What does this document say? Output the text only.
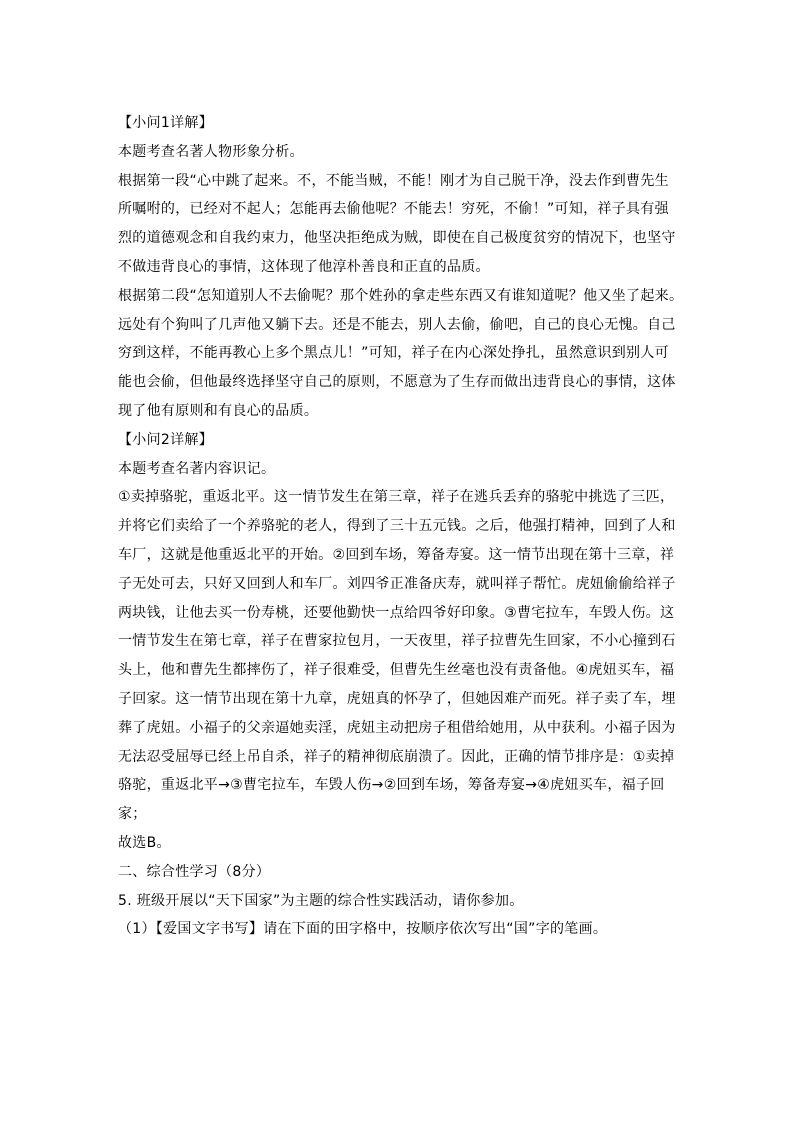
【小问1详解】
本题考查名著人物形象分析。
根据第一段“心中跳了起来。不，不能当贼，不能！刚才为自己脱干净，没去作到曹先生
所嘱咐的，已经对不起人；怎能再去偷他呢？不能去！穷死，不偷！”可知，祥子具有强
烈的道德观念和自我约束力，他坚决拒绝成为贼，即使在自己极度贫穷的情况下，也坚守
不做违背良心的事情，这体现了他淳朴善良和正直的品质。
根据第二段“怎知道别人不去偷呢？那个姓孙的拿走些东西又有谁知道呢？他又坐了起来。
远处有个狗叫了几声他又躺下去。还是不能去，别人去偷，偷吧，自己的良心无愧。自己
穷到这样，不能再教心上多个黑点儿！”可知，祥子在内心深处挣扎，虽然意识到别人可
能也会偷，但他最终选择坚守自己的原则，不愿意为了生存而做出违背良心的事情，这体
现了他有原则和有良心的品质。
【小问2详解】
本题考查名著内容识记。
①卖掉骆驼，重返北平。这一情节发生在第三章，祥子在逃兵丢弃的骆驼中挑选了三匹，
并将它们卖给了一个养骆驼的老人，得到了三十五元钱。之后，他强打精神，回到了人和
车厂，这就是他重返北平的开始。②回到车场，筹备寿宴。这一情节出现在第十三章，祥
子无处可去，只好又回到人和车厂。刘四爷正准备庆寿，就叫祥子帮忙。虎妞偷偷给祥子
两块钱，让他去买一份寿桃，还要他勤快一点给四爷好印象。③曹宅拉车，车毁人伤。这
一情节发生在第七章，祥子在曹家拉包月，一天夜里，祥子拉曹先生回家，不小心撞到石
头上，他和曹先生都摔伤了，祥子很难受，但曹先生丝毫也没有责备他。④虎妞买车，福
子回家。这一情节出现在第十九章，虎妞真的怀孕了，但她因难产而死。祥子卖了车，埋
葬了虎妞。小福子的父亲逼她卖淫，虎妞主动把房子租借给她用，从中获利。小福子因为
无法忍受屈辱已经上吊自杀，祥子的精神彻底崩溃了。因此，正确的情节排序是：①卖掉
骆驼，重返北平→③曹宅拉车，车毁人伤→②回到车场，筹备寿宴→④虎妞买车，福子回
家；
故选B。
二、综合性学习（8分）
5. 班级开展以“天下国家”为主题的综合性实践活动，请你参加。
（1）【爱国文字书写】请在下面的田字格中，按顺序依次写出“国”字的笔画。
